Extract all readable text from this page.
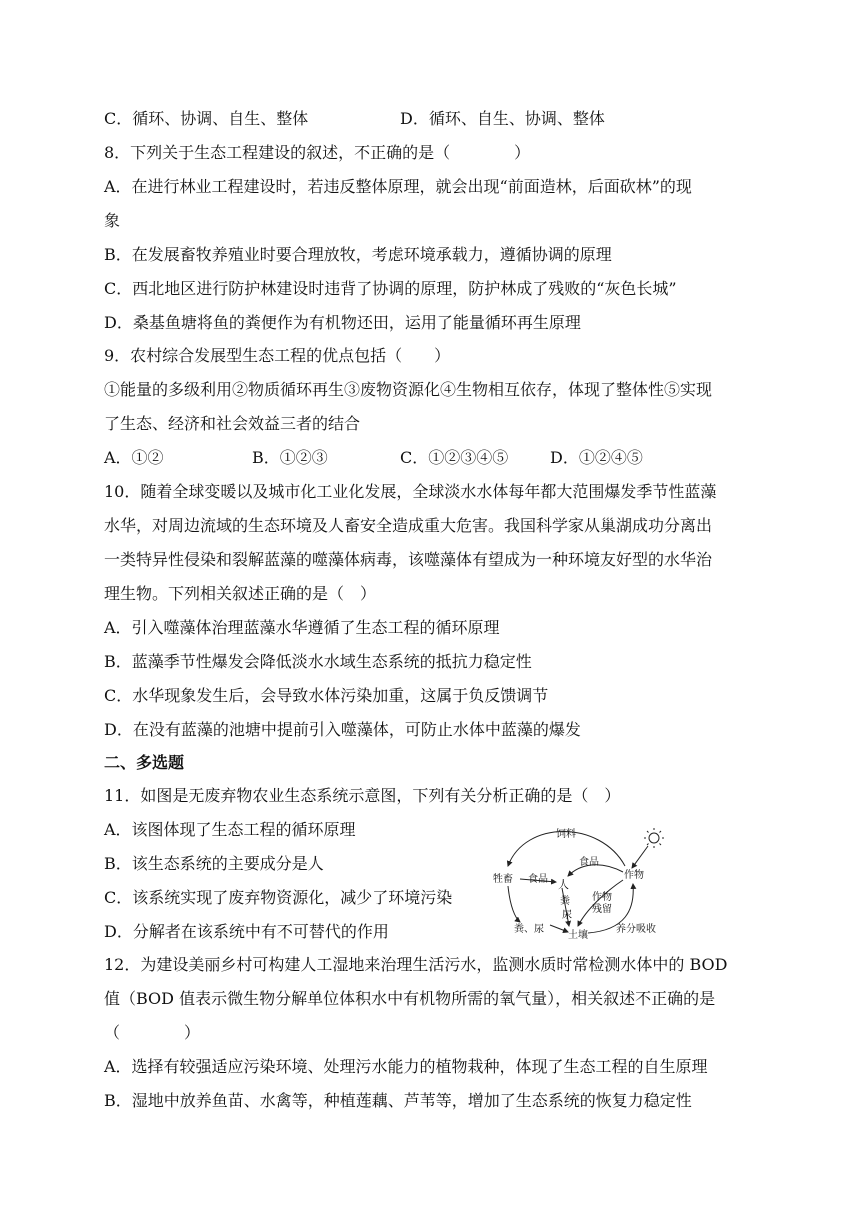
C．循环、协调、自生、整体	D．循环、自生、协调、整体
8．下列关于生态工程建设的叙述，不正确的是（　　　　）
A．在进行林业工程建设时，若违反整体原理，就会出现“前面造林，后面砍林”的现
象
B．在发展畜牧养殖业时要合理放牧，考虑环境承载力，遵循协调的原理
C．西北地区进行防护林建设时违背了协调的原理，防护林成了残败的“灰色长城”
D．桑基鱼塘将鱼的粪便作为有机物还田，运用了能量循环再生原理
9．农村综合发展型生态工程的优点包括（　　）
①能量的多级利用②物质循环再生③废物资源化④生物相互依存，体现了整体性⑤实现
了生态、经济和社会效益三者的结合
A．①②	B．①②③	C．①②③④⑤	D．①②④⑤
10．随着全球变暖以及城市化工业化发展，全球淡水水体每年都大范围爆发季节性蓝藻
水华，对周边流域的生态环境及人畜安全造成重大危害。我国科学家从巢湖成功分离出
一类特异性侵染和裂解蓝藻的噬藻体病毒，该噬藻体有望成为一种环境友好型的水华治
理生物。下列相关叙述正确的是（　）
A．引入噬藻体治理蓝藻水华遵循了生态工程的循环原理
B．蓝藻季节性爆发会降低淡水水域生态系统的抵抗力稳定性
C．水华现象发生后，会导致水体污染加重，这属于负反馈调节
D．在没有蓝藻的池塘中提前引入噬藻体，可防止水体中蓝藻的爆发
二、多选题
11．如图是无废弃物农业生态系统示意图，下列有关分析正确的是（　）
A．该图体现了生态工程的循环原理
B．该生态系统的主要成分是人
C．该系统实现了废弃物资源化，减少了环境污染
D．分解者在该系统中有不可替代的作用
饲料
食品
牲畜 食品 人
粪
尿
作物
残留
作物
粪、尿
土壤
养分吸收
12．为建设美丽乡村可构建人工湿地来治理生活污水，监测水质时常检测水体中的 BOD
值（BOD 值表示微生物分解单位体积水中有机物所需的氧气量），相关叙述不正确的是
（　　　　）
A．选择有较强适应污染环境、处理污水能力的植物栽种，体现了生态工程的自生原理
B．湿地中放养鱼苗、水禽等，种植莲藕、芦苇等，增加了生态系统的恢复力稳定性
